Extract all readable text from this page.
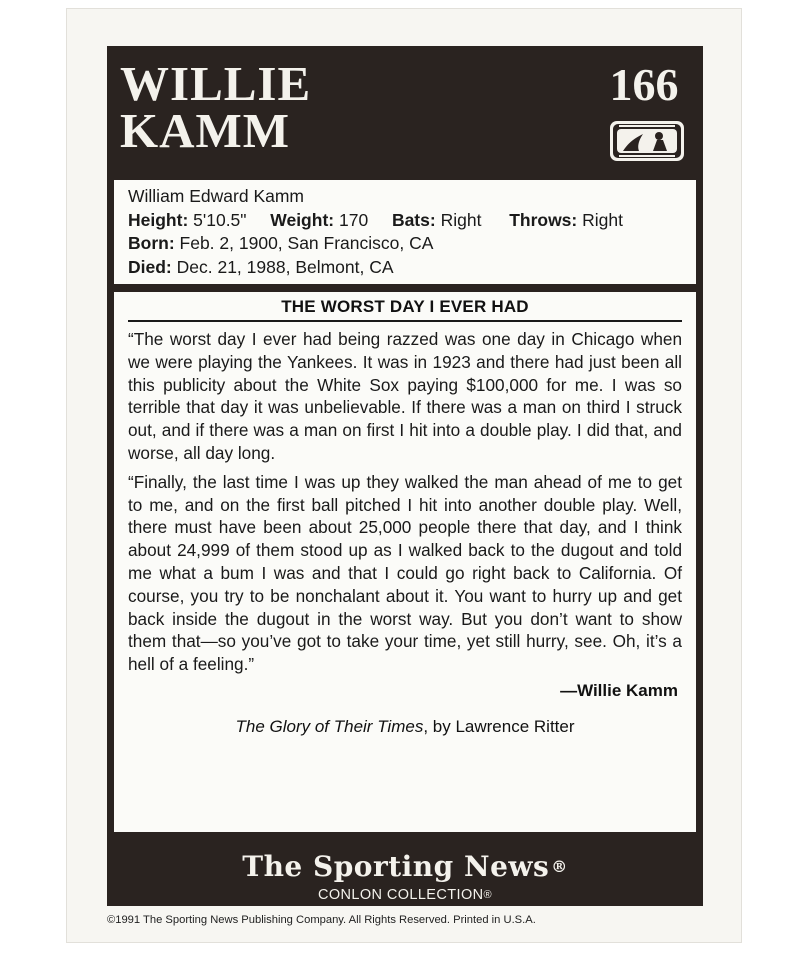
WILLIE
KAMM
166
William Edward Kamm
Height: 5'10.5" Weight: 170 Bats: Right Throws: Right
Born: Feb. 2, 1900, San Francisco, CA
Died: Dec. 21, 1988, Belmont, CA
THE WORST DAY I EVER HAD

“The worst day I ever had being razzed was one day in Chicago when we were playing the Yankees. It was in 1923 and there had just been all this publicity about the White Sox paying $100,000 for me. I was so terrible that day it was unbelievable. If there was a man on third I struck out, and if there was a man on first I hit into a double play. I did that, and worse, all day long.

“Finally, the last time I was up they walked the man ahead of me to get to me, and on the first ball pitched I hit into another double play. Well, there must have been about 25,000 people there that day, and I think about 24,999 of them stood up as I walked back to the dugout and told me what a bum I was and that I could go right back to California. Of course, you try to be nonchalant about it. You want to hurry up and get back inside the dugout in the worst way. But you don’t want to show them that—so you’ve got to take your time, yet still hurry, see. Oh, it’s a hell of a feeling.”

—Willie Kamm
The Glory of Their Times, by Lawrence Ritter
The Sporting News ®
CONLON COLLECTION®
©1991 The Sporting News Publishing Company. All Rights Reserved. Printed in U.S.A.
